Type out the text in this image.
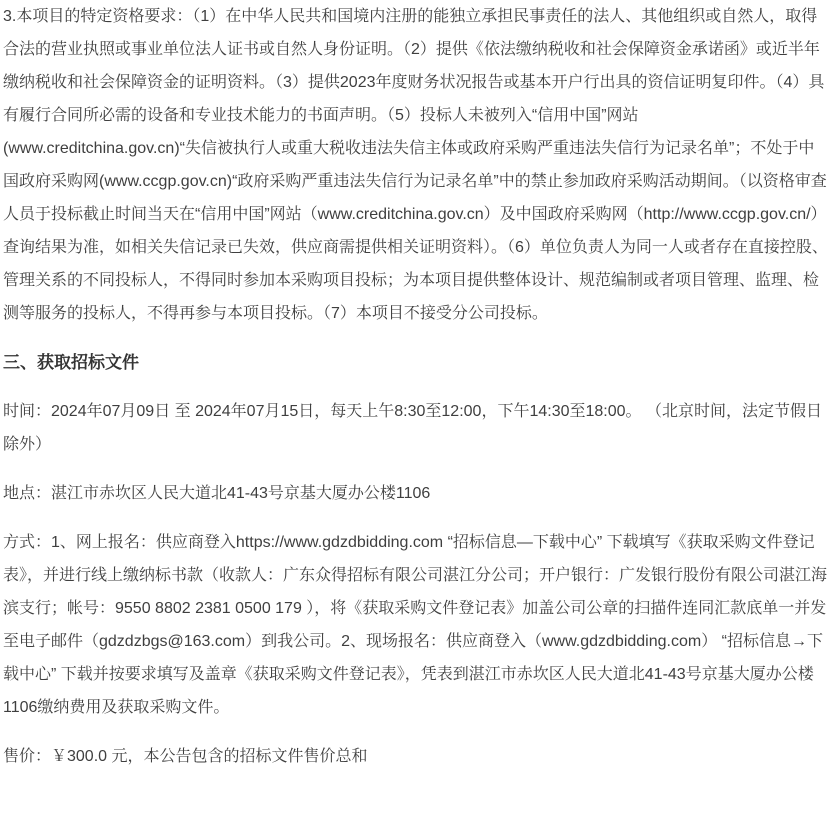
3.本项目的特定资格要求：（1）在中华人民共和国境内注册的能独立承担民事责任的法人、其他组织或自然人，取得合法的营业执照或事业单位法人证书或自然人身份证明。（2）提供《依法缴纳税收和社会保障资金承诺函》或近半年缴纳税收和社会保障资金的证明资料。（3）提供2023年度财务状况报告或基本开户行出具的资信证明复印件。（4）具有履行合同所必需的设备和专业技术能力的书面声明。（5）投标人未被列入“信用中国”网站(www.creditchina.gov.cn)“失信被执行人或重大税收违法失信主体或政府采购严重违法失信行为记录名单”；不处于中国政府采购网(www.ccgp.gov.cn)“政府采购严重违法失信行为记录名单”中的禁止参加政府采购活动期间。（以资格审查人员于投标截止时间当天在“信用中国”网站（www.creditchina.gov.cn）及中国政府采购网（http://www.ccgp.gov.cn/）查询结果为准，如相关失信记录已失效，供应商需提供相关证明资料）。（6）单位负责人为同一人或者存在直接控股、管理关系的不同投标人，不得同时参加本采购项目投标；为本项目提供整体设计、规范编制或者项目管理、监理、检测等服务的投标人，不得再参与本项目投标。（7）本项目不接受分公司投标。

三、获取招标文件

时间：2024年07月09日 至 2024年07月15日，每天上午8:30至12:00，下午14:30至18:00。 （北京时间，法定节假日除外）

地点：湛江市赤坎区人民大道北41-43号京基大厦办公楼1106

方式：1、网上报名：供应商登入https://www.gdzdbidding.com “招标信息—下载中心” 下载填写《获取采购文件登记表》，并进行线上缴纳标书款（收款人：广东众得招标有限公司湛江分公司；开户银行：广发银行股份有限公司湛江海滨支行；帐号：9550 8802 2381 0500 179 ），将《获取采购文件登记表》加盖公司公章的扫描件连同汇款底单一并发至电子邮件（gdzdzbgs@163.com）到我公司。2、现场报名：供应商登入（www.gdzdbidding.com） “招标信息→下载中心” 下载并按要求填写及盖章《获取采购文件登记表》，凭表到湛江市赤坎区人民大道北41-43号京基大厦办公楼1106缴纳费用及获取采购文件。

售价：￥300.0 元，本公告包含的招标文件售价总和
